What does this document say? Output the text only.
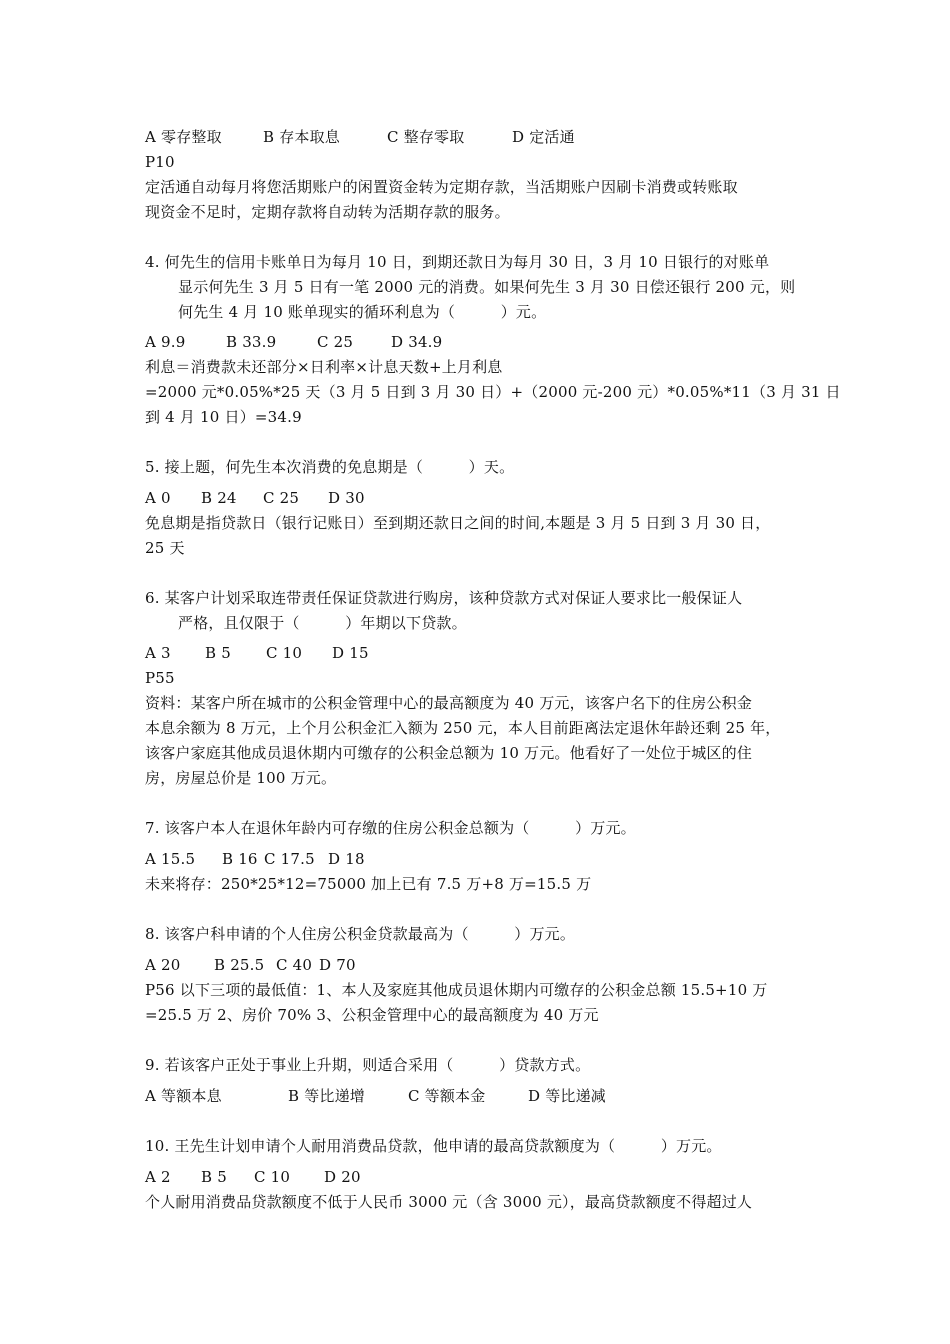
A 零存整取	B 存本取息	C 整存零取	D 定活通
P10
定活通自动每月将您活期账户的闲置资金转为定期存款，当活期账户因刷卡消费或转账取
现资金不足时，定期存款将自动转为活期存款的服务。
4. 何先生的信用卡账单日为每月 10 日，到期还款日为每月 30 日，3 月 10 日银行的对账单
显示何先生 3 月 5 日有一笔 2000 元的消费。如果何先生 3 月 30 日偿还银行 200 元，则
何先生 4 月 10 账单现实的循环利息为（　　　）元。
A 9.9	B 33.9	C 25	D 34.9
利息＝消费款未还部分×日利率×计息天数+上月利息
=2000 元*0.05%*25 天（3 月 5 日到 3 月 30 日）+（2000 元-200 元）*0.05%*11（3 月 31 日
到 4 月 10 日）=34.9
5. 接上题，何先生本次消费的免息期是（　　　）天。
A 0 B 24 C 25 D 30
免息期是指贷款日（银行记账日）至到期还款日之间的时间,本题是 3 月 5 日到 3 月 30 日，
25 天
6. 某客户计划采取连带责任保证贷款进行购房，该种贷款方式对保证人要求比一般保证人
严格，且仅限于（　　　）年期以下贷款。
A 3 B 5 C 10 D 15
P55
资料：某客户所在城市的公积金管理中心的最高额度为 40 万元，该客户名下的住房公积金
本息余额为 8 万元，上个月公积金汇入额为 250 元，本人目前距离法定退休年龄还剩 25 年，
该客户家庭其他成员退休期内可缴存的公积金总额为 10 万元。他看好了一处位于城区的住
房，房屋总价是 100 万元。
7. 该客户本人在退休年龄内可存缴的住房公积金总额为（　　　）万元。
A 15.5 B 16 C 17.5 D 18
未来将存：250*25*12=75000 加上已有 7.5 万+8 万=15.5 万
8. 该客户科申请的个人住房公积金贷款最高为（　　　）万元。
A 20 B 25.5 C 40 D 70
P56 以下三项的最低值：1、本人及家庭其他成员退休期内可缴存的公积金总额 15.5+10 万
=25.5 万 2、房价 70% 3、公积金管理中心的最高额度为 40 万元
9. 若该客户正处于事业上升期，则适合采用（　　　）贷款方式。
A 等额本息	B 等比递增	C 等额本金	D 等比递减
10. 王先生计划申请个人耐用消费品贷款，他申请的最高贷款额度为（　　　）万元。
A 2 B 5 C 10 D 20
个人耐用消费品贷款额度不低于人民币 3000 元（含 3000 元），最高贷款额度不得超过人
